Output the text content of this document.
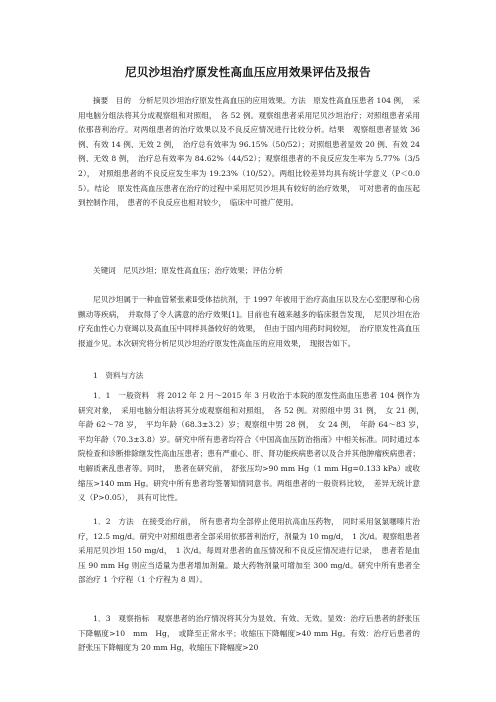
尼贝沙坦治疗原发性高血压应用效果评估及报告

摘要　目的　分析尼贝沙坦治疗原发性高血压的应用效果。方法　原发性高血压患者 104 例，　采用电脑分组法将其分成观察组和对照组，　各 52 例。观察组患者采用尼贝沙坦治疗；对照组患者采用依那普利治疗。对两组患者的治疗效果以及不良反应情况进行比较分析。结果　观察组患者显效 36 例、有效 14 例、无效 2 例，　治疗总有效率为 96.15%（50/52）；对照组患者显效 20 例、有效 24 例、无效 8 例，　治疗总有效率为 84.62%（44/52）；观察组患者的不良反应发生率为 5.77%（3/52），　对照组患者的不良反应发生率为 19.23%（10/52）。两组比较差异均具有统计学意义（P＜0.05）。结论　原发性高血压患者在治疗的过程中采用尼贝沙坦具有较好的治疗效果，　可对患者的血压起到控制作用，　患者的不良反应也相对较少，　临床中可推广使用。

关键词　尼贝沙坦；原发性高血压；治疗效果；评估分析

尼贝沙坦属于一种血管紧张素Ⅱ受体拮抗剂，于 1997 年被用于治疗高血压以及左心室肥厚和心房颤动等疾病，　并取得了令人满意的治疗效果[1]。目前也有越来越多的临床报告发现，　尼贝沙坦在治疗充血性心力衰竭以及高血压中同样具备较好的效果，　但由于国内用药时间较短，　治疗原发性高血压报道少见。本次研究将分析尼贝沙坦治疗原发性高血压的应用效果，　现报告如下。

1　资料与方法

1．1　一般资料　将 2012 年 2 月～2015 年 3 月收治于本院的原发性高血压患者 104 例作为研究对象，　采用电脑分组法将其分成观察组和对照组，　各 52 例。对照组中男 31 例，　女 21 例，　年龄 62～78 岁，　平均年龄（68.3±3.2）岁；观察组中男 28 例，　女 24 例，　年龄 64～83 岁，　平均年龄（70.3±3.8）岁。研究中所有患者均符合《中国高血压防治指南》中相关标准。同时通过本院检查和诊断排除继发性高血压患者；患有严重心、肝、肾功能疾病患者以及合并其他肿瘤疾病患者；电解质紊乱患者等。同时，　患者在研究前，　舒张压均>90 mm Hg（1 mm Hg=0.133 kPa）或收缩压>140 mm Hg。研究中所有患者均签署知情同意书。两组患者的一般资料比较，　差异无统计意义（P>0.05），　具有可比性。

1．2　方法　在接受治疗前，　所有患者均全部停止使用抗高血压药物，　同时采用氢氯噻嗪片治疗，12.5 mg/d。研究中对照组患者全部采用依那普利治疗，剂量为 10 mg/d，　1 次/d。观察组患者采用尼贝沙坦 150 mg/d，　1 次/d。每周对患者的血压情况和不良反应情况进行记录，　患者若是血压 90 mm Hg 则应当适量为患者增加剂量。最大药物剂量可增加至 300 mg/d。研究中所有患者全部治疗 1 个疗程（1 个疗程为 8 周）。

1．3　观察指标　观察患者的治疗情况将其分为显效、有效、无效。显效：治疗后患者的舒张压下降幅度>10　mm　Hg，　或降至正常水平；收缩压下降幅度>40 mm Hg。有效：治疗后患者的舒张压下降幅度为 20 mm Hg，收缩压下降幅度>20
